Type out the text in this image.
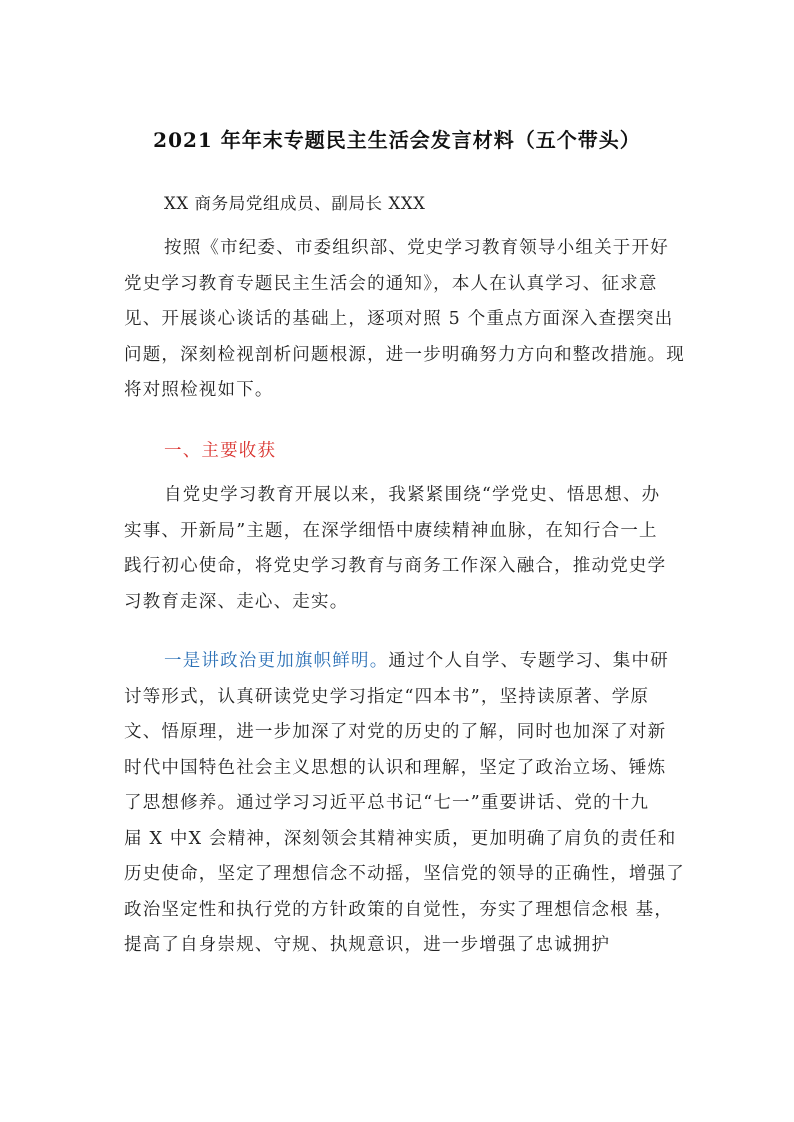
2021 年年末专题民主生活会发言材料（五个带头）

XX 商务局党组成员、副局长 XXX

按照《市纪委、市委组织部、党史学习教育领导小组关于开好
党史学习教育专题民主生活会的通知》，本人在认真学习、征求意
见、开展谈心谈话的基础上，逐项对照 5 个重点方面深入查摆突出
问题，深刻检视剖析问题根源，进一步明确努力方向和整改措施。现
将对照检视如下。

一、主要收获

自党史学习教育开展以来，我紧紧围绕“学党史、悟思想、办
实事、开新局”主题，在深学细悟中赓续精神血脉，在知行合一上
践行初心使命，将党史学习教育与商务工作深入融合，推动党史学
习教育走深、走心、走实。
一是讲政治更加旗帜鲜明。通过个人自学、专题学习、集中研
讨等形式，认真研读党史学习指定“四本书”，坚持读原著、学原
文、悟原理，进一步加深了对党的历史的了解，同时也加深了对新
时代中国特色社会主义思想的认识和理解，坚定了政治立场、锤炼
了思想修养。通过学习习近平总书记“七一”重要讲话、党的十九
届 X 中X 会精神，深刻领会其精神实质，更加明确了肩负的责任和
历史使命，坚定了理想信念不动摇，坚信党的领导的正确性，增强了
政治坚定性和执行党的方针政策的自觉性，夯实了理想信念根 基，
提高了自身崇规、守规、执规意识，进一步增强了忠诚拥护
